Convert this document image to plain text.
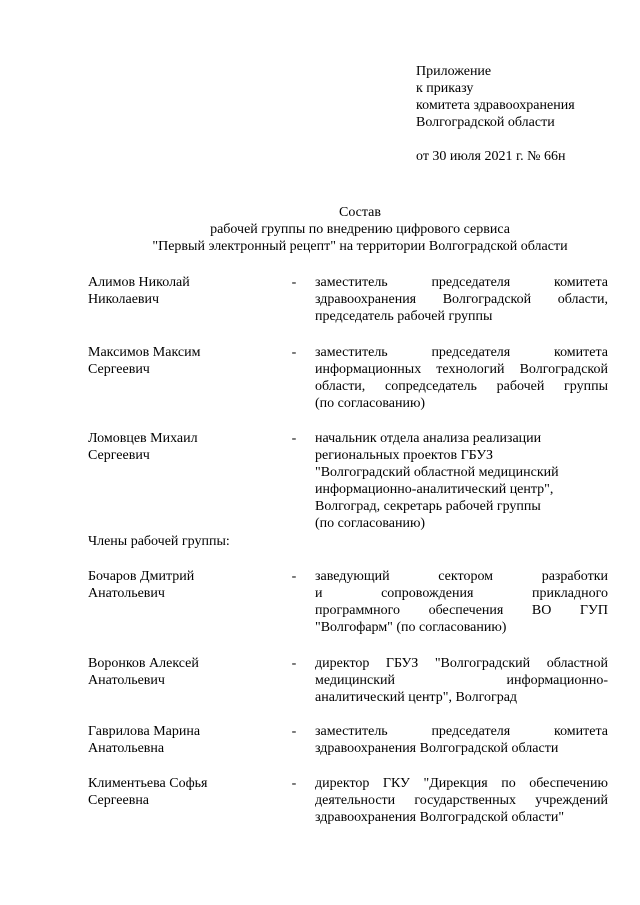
Приложение
к приказу
комитета здравоохранения
Волгоградской области
от 30 июля 2021 г. № 66н
Состав
рабочей группы по внедрению цифрового сервиса
"Первый электронный рецепт" на территории Волгоградской области
Алимов Николай
Николаевич
- заместитель председателя комитета
здравоохранения Волгоградской области,
председатель рабочей группы
Максимов Максим
Сергеевич
- заместитель председателя комитета
информационных технологий Волгоградской
области, сопредседатель рабочей группы
(по согласованию)
Ломовцев Михаил
Сергеевич
- начальник отдела анализа реализации
региональных проектов ГБУЗ
"Волгоградский областной медицинский
информационно-аналитический центр",
Волгоград, секретарь рабочей группы
(по согласованию)
Члены рабочей группы:
Бочаров Дмитрий
Анатольевич
- заведующий сектором разработки
и сопровождения прикладного
программного обеспечения ВО ГУП
"Волгофарм" (по согласованию)
Воронков Алексей
Анатольевич
- директор ГБУЗ "Волгоградский областной
медицинский информационно-
аналитический центр", Волгоград
Гаврилова Марина
Анатольевна
- заместитель председателя комитета
здравоохранения Волгоградской области
Климентьева Софья
Сергеевна
- директор ГКУ "Дирекция по обеспечению
деятельности государственных учреждений
здравоохранения Волгоградской области"
